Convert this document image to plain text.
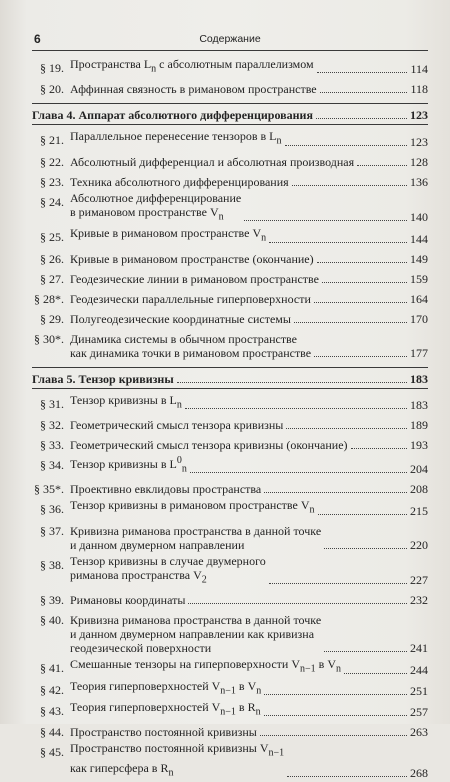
6	Содержание
§ 19. Пространства $L_n$ с абсолютным параллелизмом	114
§ 20. Аффинная связность в римановом пространстве	118
Глава 4. Аппарат абсолютного дифференцирования	123
§ 21. Параллельное перенесение тензоров в $L_n$	123
§ 22. Абсолютный дифференциал и абсолютная производная	128
§ 23. Техника абсолютного дифференцирования	136
§ 24. Абсолютное дифференцирование
в римановом пространстве $V_n$	140
§ 25. Кривые в римановом пространстве $V_n$	144
§ 26. Кривые в римановом пространстве (окончание)	149
§ 27. Геодезические линии в римановом пространстве	159
§ 28*. Геодезически параллельные гиперповерхности	164
§ 29. Полугеодезические координатные системы	170
§ 30*. Динамика системы в обычном пространстве
как динамика точки в римановом пространстве	177
Глава 5. Тензор кривизны	183
§ 31. Тензор кривизны в $L_n$	183
§ 32. Геометрический смысл тензора кривизны	189
§ 33. Геометрический смысл тензора кривизны (окончание)	193
§ 34. Тензор кривизны в $L^0_n$	204
§ 35*. Проективно евклидовы пространства	208
§ 36. Тензор кривизны в римановом пространстве $V_n$	215
§ 37. Кривизна риманова пространства в данной точке
и данном двумерном направлении	220
§ 38. Тензор кривизны в случае двумерного
риманова пространства $V_2$	227
§ 39. Римановы координаты	232
§ 40. Кривизна риманова пространства в данной точке
и данном двумерном направлении как кривизна
геодезической поверхности	241
§ 41. Смешанные тензоры на гиперповерхности $V_{n-1}$ в $V_n$	244
§ 42. Теория гиперповерхностей $V_{n-1}$ в $V_n$	251
§ 43. Теория гиперповерхностей $V_{n-1}$ в $R_n$	257
§ 44. Пространство постоянной кривизны	263
§ 45. Пространство постоянной кривизны $V_{n-1}$
как гиперсфера в $R_n$	268
